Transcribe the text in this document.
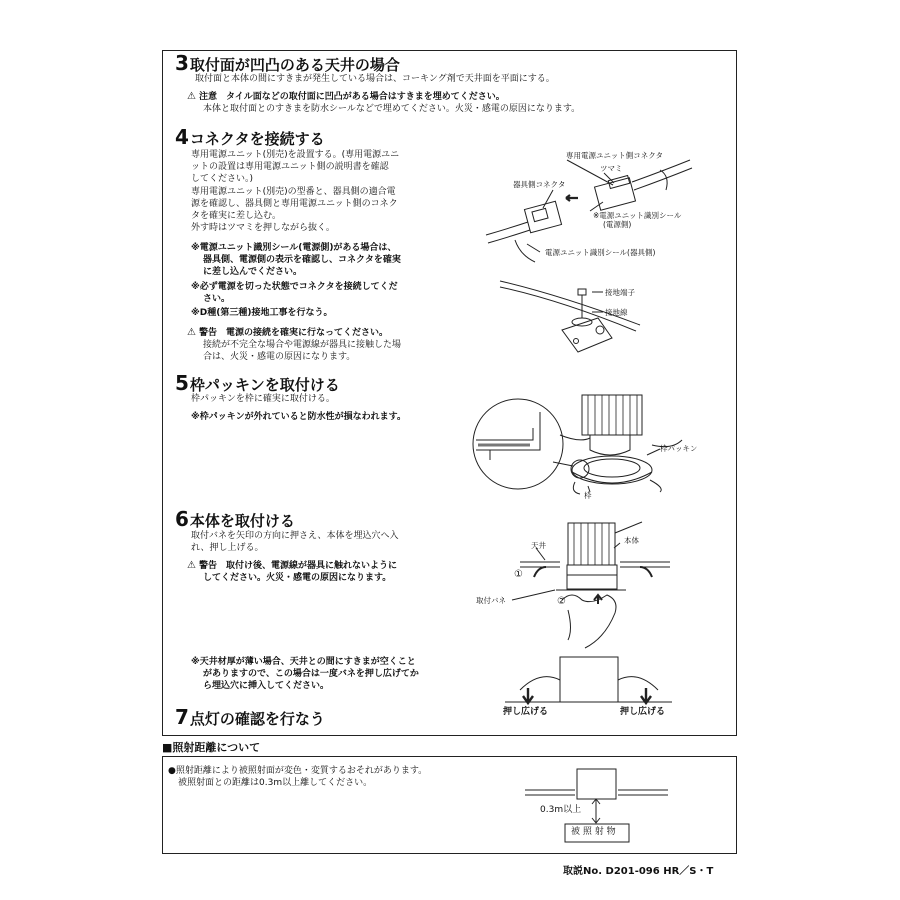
3取付面が凹凸のある天井の場合
取付面と本体の間にすきまが発生している場合は、コーキング剤で天井面を平面にする。
⚠ 注意　タイル面などの取付面に凹凸がある場合はすきまを埋めてください。
本体と取付面とのすきまを防水シールなどで埋めてください。火災・感電の原因になります。
4コネクタを接続する
専用電源ユニット(別売)を設置する。(専用電源ユニ
ットの設置は専用電源ユニット側の説明書を確認
してください。)
専用電源ユニット(別売)の型番と、器具側の適合電
源を確認し、器具側と専用電源ユニット側のコネク
タを確実に差し込む。
外す時はツマミを押しながら抜く。
※電源ユニット識別シール(電源側)がある場合は、
器具側、電源側の表示を確認し、コネクタを確実
に差し込んでください。
※必ず電源を切った状態でコネクタを接続してくだ
さい。
※D種(第三種)接地工事を行なう。
⚠ 警告　電源の接続を確実に行なってください。
接続が不完全な場合や電源線が器具に接触した場
合は、火災・感電の原因になります。
専用電源ユニット側コネクタ
ツマミ
器具側コネクタ
※電源ユニット識別シール
(電源側)
電源ユニット識別シール(器具側)
接地端子
接地線
5枠パッキンを取付ける
枠パッキンを枠に確実に取付ける。
※枠パッキンが外れていると防水性が損なわれます。
枠パッキン
枠
6本体を取付ける
取付バネを矢印の方向に押さえ、本体を埋込穴へ入
れ、押し上げる。
⚠ 警告　取付け後、電源線が器具に触れないように
してください。火災・感電の原因になります。
※天井材厚が薄い場合、天井との間にすきまが空くこと
がありますので、この場合は一度バネを押し広げてか
ら埋込穴に挿入してください。
天井
本体
①
②
取付バネ
押し広げる	押し広げる
7点灯の確認を行なう
■照射距離について
●照射距離により被照射面が変色・変質するおそれがあります。
被照射面との距離は0.3m以上離してください。
0.3m以上
被 照 射 物
取説No. D201-096 HR／S・T
